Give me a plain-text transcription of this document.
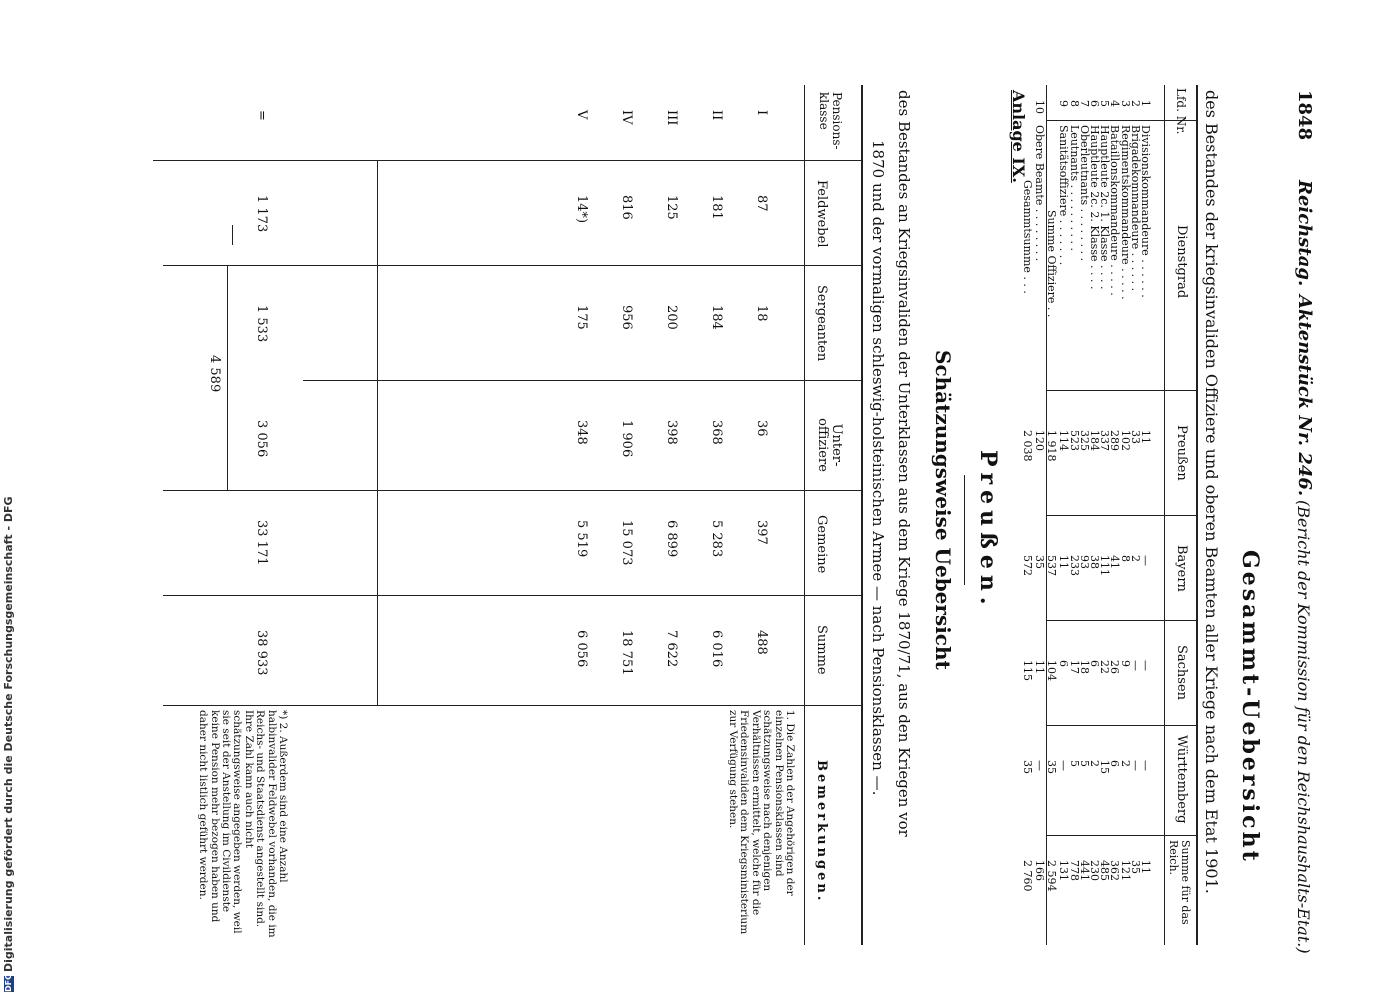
1848
Reichstag.
Aktenstück Nr. 246.
(Bericht der Kommission für den Reichshaushalts-Etat.)
Gesammt-Uebersicht
des Bestandes der kriegsinvaliden Offiziere und oberen Beamten aller Kriege nach dem Etat 1901.
Lfd. Nr.
Dienstgrad
Preußen
Bayern
Sachsen
Württemberg
Summe für das Reich.
1
Divisionskommandeure . . . . . .
11
—
—
—
11
2
Brigadekommandeure . . . . . .
33
2
—
—
35
3
Regimentskommandeure . . . . .
102
8
9
2
121
4
Bataillonskommandeure . . . . .
289
41
26
6
362
5
Hauptleute 2c. 1. Klasse . . . .
337
111
22
15
485
6
Hauptleute 2c. 2. Klasse . . . .
184
38
6
2
230
7
Oberleutnants . . . . . . . .
325
93
18
5
441
8
Leutnants . . . . . . . . . .
523
233
17
5
778
9
Sanitätsoffiziere . . . . . . .
114
11
6
—
131
Summe Offiziere . .
1 918
537
104
35
2 594
10
Obere Beamte . . . . . . . .
120
35
11
—
166
Gesammtsumme . . .
2 038
572
115
35
2 760
Anlage IX.
Preußen.
Schätzungsweise Uebersicht
des Bestandes an Kriegsinvaliden der Unterklassen aus dem Kriege 1870/71, aus den Kriegen vor
1870 und der vormaligen schleswig-holsteinischen Armee — nach Pensionsklassen —.
Pensions-klasse
Feldwebel
Sergeanten
Unter-offiziere
Gemeine
Summe
Bemerkungen.
I
87
18
36
397
488
II
181
184
368
5 283
6 016
III
125
200
398
6 899
7 622
IV
816
956
1 906
15 073
18 751
V
14*)
175
348
5 519
6 056
=
1 173
1 533
3 056
33 171
38 933
4 589
1. Die Zahlen der Angehörigen der einzelnen Pensionsklassen sind schätzungsweise nach denjenigen Verhältnissen ermittelt, welche für die Friedensinvaliden dem Kriegsministerium zur Verfügung stehen.
*) 2. Außerdem sind eine Anzahl halbinvalider Feldwebel vorhanden, die im Reichs- und Staatsdienst angestellt sind. Ihre Zahl kann auch nicht schätzungsweise angegeben werden, weil sie seit der Anstellung im Civildienste keine Pension mehr bezogen haben und daher nicht listlich geführt werden.
DFGDigitalisierung gefördert durch die Deutsche Forschungsgemeinschaft - DFG
